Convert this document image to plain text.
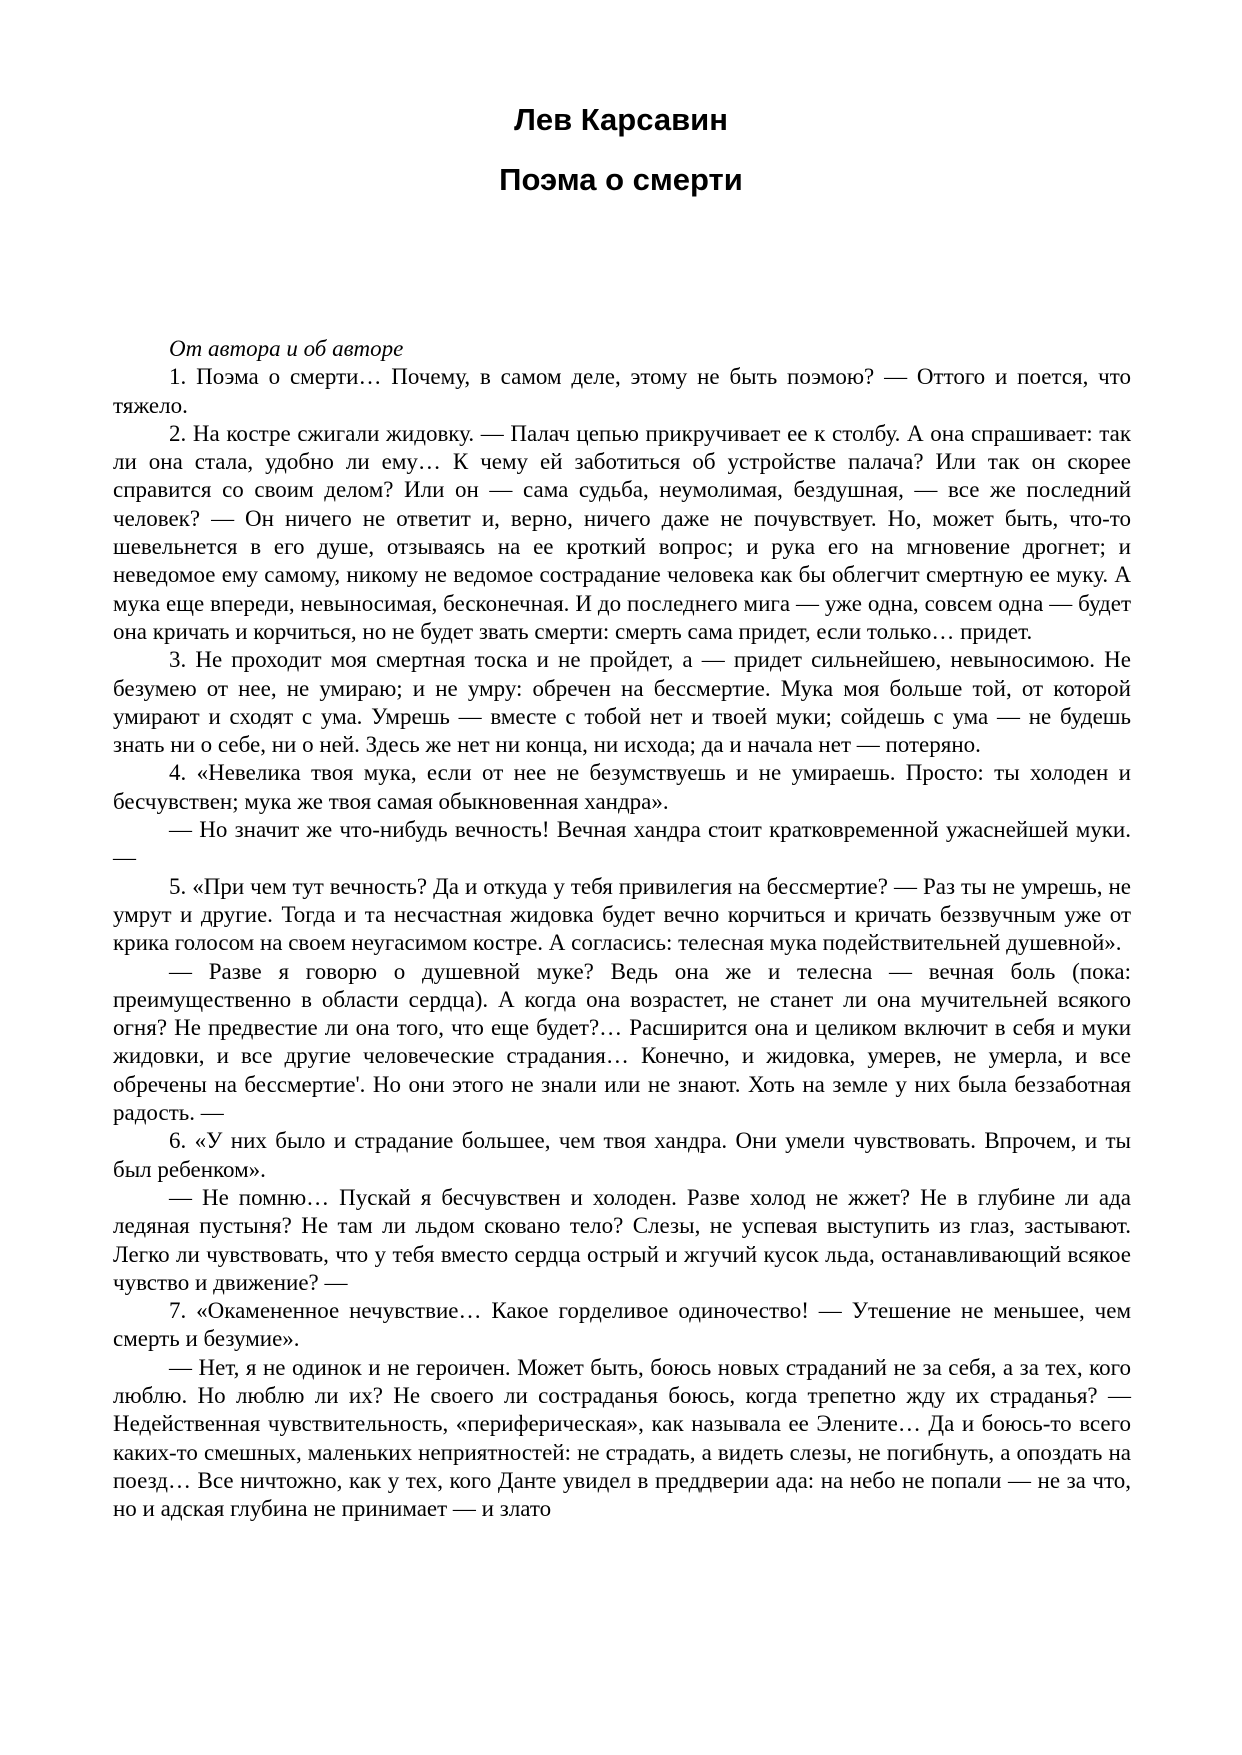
Лев Карсавин
Поэма о смерти

От автора и об авторе

1. Поэма о смерти… Почему, в самом деле, этому не быть поэмою? — Оттого и поется, что тяжело.

2. На костре сжигали жидовку. — Палач цепью прикручивает ее к столбу. А она спрашивает: так ли она стала, удобно ли ему… К чему ей заботиться об устройстве палача? Или так он скорее справится со своим делом? Или он — сама судьба, неумолимая, бездушная, — все же последний человек? — Он ничего не ответит и, верно, ничего даже не почувствует. Но, может быть, что-то шевельнется в его душе, отзываясь на ее кроткий вопрос; и рука его на мгновение дрогнет; и неведомое ему самому, никому не ведомое сострадание человека как бы облегчит смертную ее муку. А мука еще впереди, невыносимая, бесконечная. И до последнего мига — уже одна, совсем одна — будет она кричать и корчиться, но не будет звать смерти: смерть сама придет, если только… придет.

3. Не проходит моя смертная тоска и не пройдет, а — придет сильнейшею, невыносимою. Не безумею от нее, не умираю; и не умру: обречен на бессмертие. Мука моя больше той, от которой умирают и сходят с ума. Умрешь — вместе с тобой нет и твоей муки; сойдешь с ума — не будешь знать ни о себе, ни о ней. Здесь же нет ни конца, ни исхода; да и начала нет — потеряно.

4. «Невелика твоя мука, если от нее не безумствуешь и не умираешь. Просто: ты холоден и бесчувствен; мука же твоя самая обыкновенная хандра».

— Но значит же что-нибудь вечность! Вечная хандра стоит кратковременной ужаснейшей муки. —

5. «При чем тут вечность? Да и откуда у тебя привилегия на бессмертие? — Раз ты не умрешь, не умрут и другие. Тогда и та несчастная жидовка будет вечно корчиться и кричать беззвучным уже от крика голосом на своем неугасимом костре. А согласись: телесная мука подействительней душевной».

— Разве я говорю о душевной муке? Ведь она же и телесна — вечная боль (пока: преимущественно в области сердца). А когда она возрастет, не станет ли она мучительней всякого огня? Не предвестие ли она того, что еще будет?… Расширится она и целиком включит в себя и муки жидовки, и все другие человеческие страдания… Конечно, и жидовка, умерев, не умерла, и все обречены на бессмертие'. Но они этого не знали или не знают. Хоть на земле у них была беззаботная радость. —

6. «У них было и страдание большее, чем твоя хандра. Они умели чувствовать. Впрочем, и ты был ребенком».

— Не помню… Пускай я бесчувствен и холоден. Разве холод не жжет? Не в глубине ли ада ледяная пустыня? Не там ли льдом сковано тело? Слезы, не успевая выступить из глаз, застывают. Легко ли чувствовать, что у тебя вместо сердца острый и жгучий кусок льда, останавливающий всякое чувство и движение? —

7. «Окамененное нечувствие… Какое горделивое одиночество! — Утешение не меньшее, чем смерть и безумие».

— Нет, я не одинок и не героичен. Может быть, боюсь новых страданий не за себя, а за тех, кого люблю. Но люблю ли их? Не своего ли состраданья боюсь, когда трепетно жду их страданья? — Недейственная чувствительность, «периферическая», как называла ее Элените… Да и боюсь-то всего каких-то смешных, маленьких неприятностей: не страдать, а видеть слезы, не погибнуть, а опоздать на поезд… Все ничтожно, как у тех, кого Данте увидел в преддверии ада: на небо не попали — не за что, но и адская глубина не принимает — и злато
